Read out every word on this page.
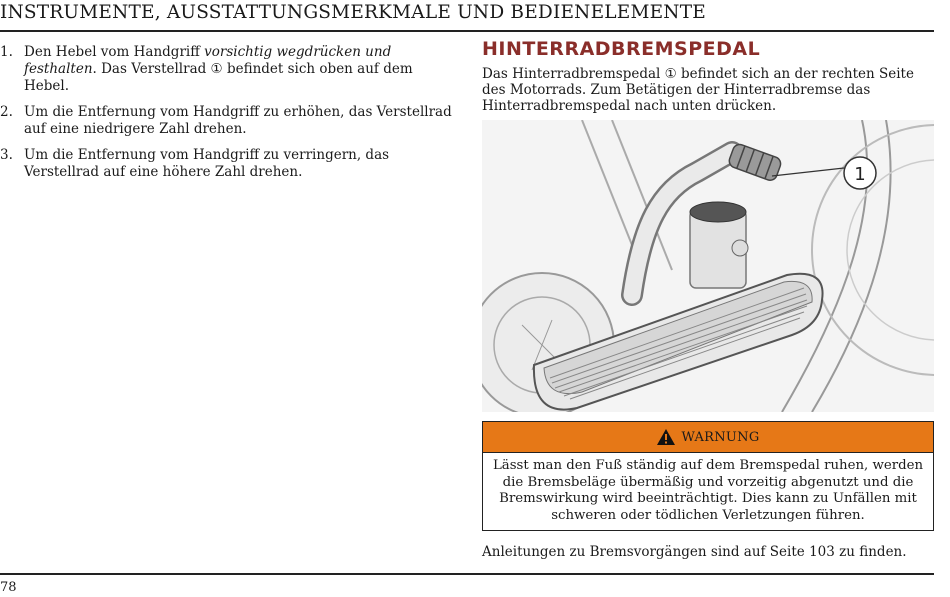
INSTRUMENTE, AUSSTATTUNGSMERKMALE UND BEDIENELEMENTE
1. Den Hebel vom Handgriff vorsichtig wegdrücken und festhalten. Das Verstellrad ① befindet sich oben auf dem Hebel.
2. Um die Entfernung vom Handgriff zu erhöhen, das Verstellrad auf eine niedrigere Zahl drehen.
3. Um die Entfernung vom Handgriff zu verringern, das Verstellrad auf eine höhere Zahl drehen.
HINTERRADBREMSPEDAL
Das Hinterradbremspedal ① befindet sich an der rechten Seite des Motorrads. Zum Betätigen der Hinterradbremse das Hinterradbremspedal nach unten drücken.
1
WARNUNG
Lässt man den Fuß ständig auf dem Bremspedal ruhen, werden die Bremsbeläge übermäßig und vorzeitig abgenutzt und die Bremswirkung wird beeinträchtigt. Dies kann zu Unfällen mit schweren oder tödlichen Verletzungen führen.
Anleitungen zu Bremsvorgängen sind auf Seite 103 zu finden.
78
